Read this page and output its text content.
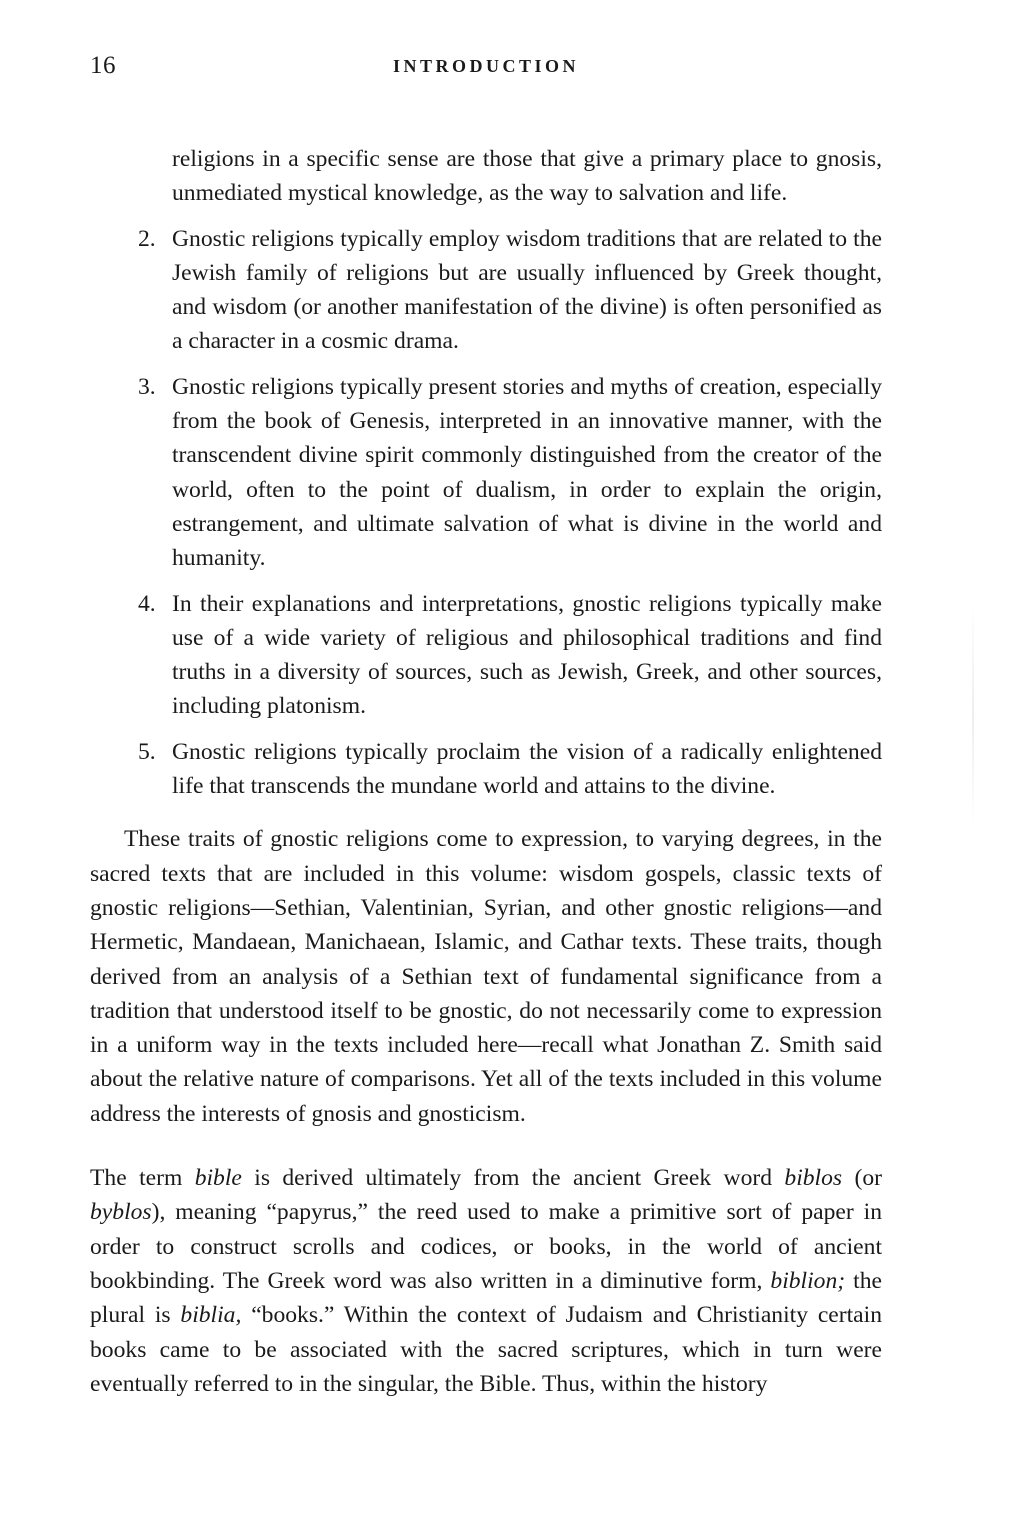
16	INTRODUCTION
religions in a specific sense are those that give a primary place to gnosis, unmediated mystical knowledge, as the way to salvation and life.
2. Gnostic religions typically employ wisdom traditions that are related to the Jewish family of religions but are usually influenced by Greek thought, and wisdom (or another manifestation of the divine) is often personified as a character in a cosmic drama.
3. Gnostic religions typically present stories and myths of creation, especially from the book of Genesis, interpreted in an innovative manner, with the transcendent divine spirit commonly distinguished from the creator of the world, often to the point of dualism, in order to explain the origin, estrangement, and ultimate salvation of what is divine in the world and humanity.
4. In their explanations and interpretations, gnostic religions typically make use of a wide variety of religious and philosophical traditions and find truths in a diversity of sources, such as Jewish, Greek, and other sources, including platonism.
5. Gnostic religions typically proclaim the vision of a radically enlightened life that transcends the mundane world and attains to the divine.

These traits of gnostic religions come to expression, to varying degrees, in the sacred texts that are included in this volume: wisdom gospels, classic texts of gnostic religions—Sethian, Valentinian, Syrian, and other gnostic religions—and Hermetic, Mandaean, Manichaean, Islamic, and Cathar texts. These traits, though derived from an analysis of a Sethian text of fundamental significance from a tradition that understood itself to be gnostic, do not necessarily come to expression in a uniform way in the texts included here—recall what Jonathan Z. Smith said about the relative nature of comparisons. Yet all of the texts included in this volume address the interests of gnosis and gnosticism.

The term bible is derived ultimately from the ancient Greek word biblos (or byblos), meaning “papyrus,” the reed used to make a primitive sort of paper in order to construct scrolls and codices, or books, in the world of ancient bookbinding. The Greek word was also written in a diminutive form, biblion; the plural is biblia, “books.” Within the context of Judaism and Christianity certain books came to be associated with the sacred scriptures, which in turn were eventually referred to in the singular, the Bible. Thus, within the history
